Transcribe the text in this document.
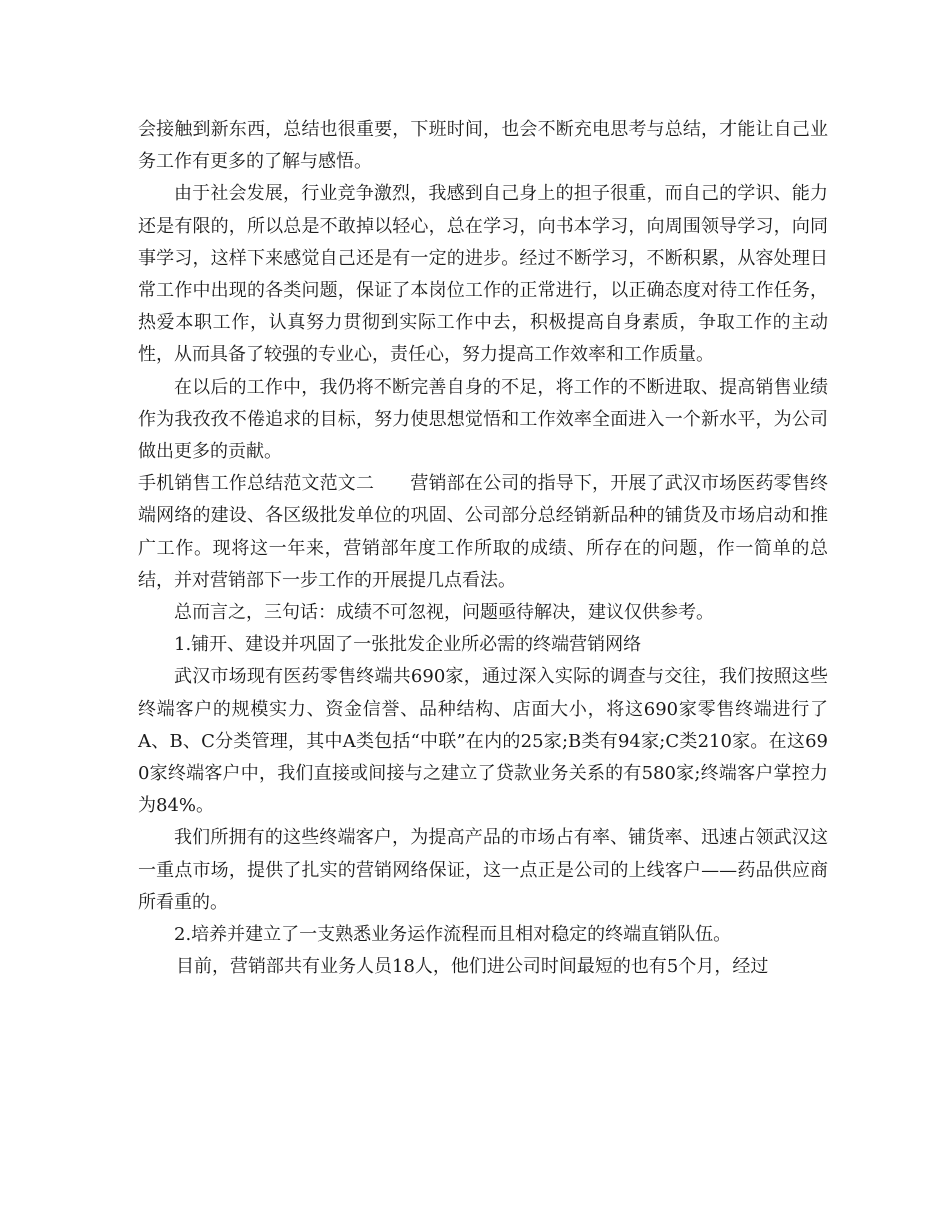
会接触到新东西，总结也很重要，下班时间，也会不断充电思考与总结，才能让自己业务工作有更多的了解与感悟。

由于社会发展，行业竞争激烈，我感到自己身上的担子很重，而自己的学识、能力还是有限的，所以总是不敢掉以轻心，总在学习，向书本学习，向周围领导学习，向同事学习，这样下来感觉自己还是有一定的进步。经过不断学习，不断积累，从容处理日常工作中出现的各类问题，保证了本岗位工作的正常进行，以正确态度对待工作任务，热爱本职工作，认真努力贯彻到实际工作中去，积极提高自身素质，争取工作的主动性，从而具备了较强的专业心，责任心，努力提高工作效率和工作质量。

在以后的工作中，我仍将不断完善自身的不足，将工作的不断进取、提高销售业绩作为我孜孜不倦追求的目标，努力使思想觉悟和工作效率全面进入一个新水平，为公司做出更多的贡献。

手机销售工作总结范文范文二　　营销部在公司的指导下，开展了武汉市场医药零售终端网络的建设、各区级批发单位的巩固、公司部分总经销新品种的铺货及市场启动和推广工作。现将这一年来，营销部年度工作所取的成绩、所存在的问题，作一简单的总结，并对营销部下一步工作的开展提几点看法。

总而言之，三句话：成绩不可忽视，问题亟待解决，建议仅供参考。

1.铺开、建设并巩固了一张批发企业所必需的终端营销网络

武汉市场现有医药零售终端共690家，通过深入实际的调查与交往，我们按照这些终端客户的规模实力、资金信誉、品种结构、店面大小，将这690家零售终端进行了A、B、C分类管理，其中A类包括“中联”在内的25家;B类有94家;C类210家。在这690家终端客户中，我们直接或间接与之建立了贷款业务关系的有580家;终端客户掌控力为84%。

我们所拥有的这些终端客户，为提高产品的市场占有率、铺货率、迅速占领武汉这一重点市场，提供了扎实的营销网络保证，这一点正是公司的上线客户——药品供应商所看重的。

2.培养并建立了一支熟悉业务运作流程而且相对稳定的终端直销队伍。

目前，营销部共有业务人员18人，他们进公司时间最短的也有5个月，经过
